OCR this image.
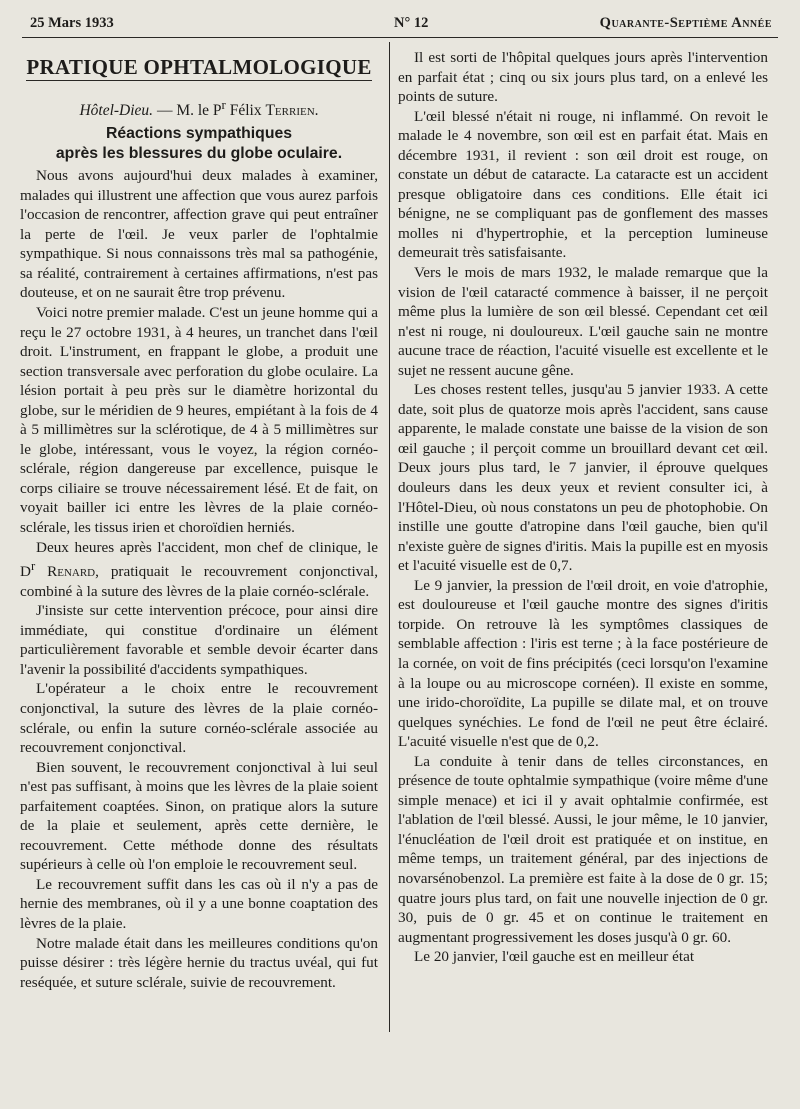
25 Mars 1933	N° 12	Quarante-Septième Année
PRATIQUE OPHTALMOLOGIQUE

Hôtel-Dieu. — M. le $P^r$ Félix Terrien.

Réactions sympathiques
après les blessures du globe oculaire.

Nous avons aujourd'hui deux malades à examiner, malades qui illustrent une affection que vous aurez parfois l'occasion de rencontrer, affection grave qui peut entraîner la perte de l'œil. Je veux parler de l'ophtalmie sympathique. Si nous connaissons très mal sa pathogénie, sa réalité, contrairement à certaines affirmations, n'est pas douteuse, et on ne saurait être trop prévenu.

Voici notre premier malade. C'est un jeune homme qui a reçu le 27 octobre 1931, à 4 heures, un tranchet dans l'œil droit. L'instrument, en frappant le globe, a produit une section transversale avec perforation du globe oculaire. La lésion portait à peu près sur le diamètre horizontal du globe, sur le méridien de 9 heures, empiétant à la fois de 4 à 5 millimètres sur la sclérotique, de 4 à 5 millimètres sur le globe, intéressant, vous le voyez, la région cornéo-sclérale, région dangereuse par excellence, puisque le corps ciliaire se trouve nécessairement lésé. Et de fait, on voyait bailler ici entre les lèvres de la plaie cornéo-sclérale, les tissus irien et choroïdien herniés.

Deux heures après l'accident, mon chef de clinique, le $D^r$ Renard, pratiquait le recouvrement conjonctival, combiné à la suture des lèvres de la plaie cornéo-sclérale.

J'insiste sur cette intervention précoce, pour ainsi dire immédiate, qui constitue d'ordinaire un élément particulièrement favorable et semble devoir écarter dans l'avenir la possibilité d'accidents sympathiques.

L'opérateur a le choix entre le recouvrement conjonctival, la suture des lèvres de la plaie cornéo-sclérale, ou enfin la suture cornéo-sclérale associée au recouvrement conjonctival.

Bien souvent, le recouvrement conjonctival à lui seul n'est pas suffisant, à moins que les lèvres de la plaie soient parfaitement coaptées. Sinon, on pratique alors la suture de la plaie et seulement, après cette dernière, le recouvrement. Cette méthode donne des résultats supérieurs à celle où l'on emploie le recouvrement seul.

Le recouvrement suffit dans les cas où il n'y a pas de hernie des membranes, où il y a une bonne coaptation des lèvres de la plaie.

Notre malade était dans les meilleures conditions qu'on puisse désirer : très légère hernie du tractus uvéal, qui fut reséquée, et suture sclérale, suivie de recouvrement.

Il est sorti de l'hôpital quelques jours après l'intervention en parfait état ; cinq ou six jours plus tard, on a enlevé les points de suture.

L'œil blessé n'était ni rouge, ni inflammé. On revoit le malade le 4 novembre, son œil est en parfait état. Mais en décembre 1931, il revient : son œil droit est rouge, on constate un début de cataracte. La cataracte est un accident presque obligatoire dans ces conditions. Elle était ici bénigne, ne se compliquant pas de gonflement des masses molles ni d'hypertrophie, et la perception lumineuse demeurait très satisfaisante.

Vers le mois de mars 1932, le malade remarque que la vision de l'œil cataracté commence à baisser, il ne perçoit même plus la lumière de son œil blessé. Cependant cet œil n'est ni rouge, ni douloureux. L'œil gauche sain ne montre aucune trace de réaction, l'acuité visuelle est excellente et le sujet ne ressent aucune gêne.

Les choses restent telles, jusqu'au 5 janvier 1933. A cette date, soit plus de quatorze mois après l'accident, sans cause apparente, le malade constate une baisse de la vision de son œil gauche ; il perçoit comme un brouillard devant cet œil. Deux jours plus tard, le 7 janvier, il éprouve quelques douleurs dans les deux yeux et revient consulter ici, à l'Hôtel-Dieu, où nous constatons un peu de photophobie. On instille une goutte d'atropine dans l'œil gauche, bien qu'il n'existe guère de signes d'iritis. Mais la pupille est en myosis et l'acuité visuelle est de 0,7.

Le 9 janvier, la pression de l'œil droit, en voie d'atrophie, est douloureuse et l'œil gauche montre des signes d'iritis torpide. On retrouve là les symptômes classiques de semblable affection : l'iris est terne ; à la face postérieure de la cornée, on voit de fins précipités (ceci lorsqu'on l'examine à la loupe ou au microscope cornéen). Il existe en somme, une irido-choroïdite, La pupille se dilate mal, et on trouve quelques synéchies. Le fond de l'œil ne peut être éclairé. L'acuité visuelle n'est que de 0,2.

La conduite à tenir dans de telles circonstances, en présence de toute ophtalmie sympathique (voire même d'une simple menace) et ici il y avait ophtalmie confirmée, est l'ablation de l'œil blessé. Aussi, le jour même, le 10 janvier, l'énucléation de l'œil droit est pratiquée et on institue, en même temps, un traitement général, par des injections de novarsénobenzol. La première est faite à la dose de 0 gr. 15; quatre jours plus tard, on fait une nouvelle injection de 0 gr. 30, puis de 0 gr. 45 et on continue le traitement en augmentant progressivement les doses jusqu'à 0 gr. 60.

Le 20 janvier, l'œil gauche est en meilleur état
